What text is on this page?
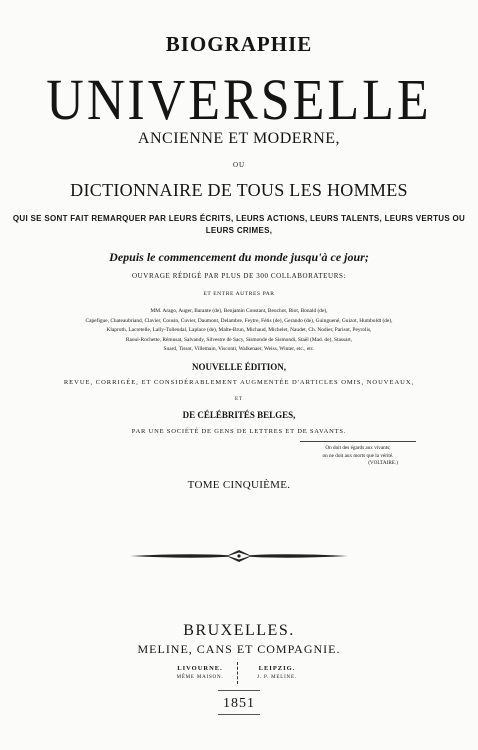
BIOGRAPHIE
UNIVERSELLE
ANCIENNE ET MODERNE,
OU
DICTIONNAIRE DE TOUS LES HOMMES
QUI SE SONT FAIT REMARQUER PAR LEURS ÉCRITS, LEURS ACTIONS, LEURS TALENTS, LEURS VERTUS OU
LEURS CRIMES,
Depuis le commencement du monde jusqu'à ce jour;
OUVRAGE RÉDIGÉ PAR PLUS DE 300 COLLABORATEURS:
ET ENTRE AUTRES PAR
MM. Arago, Auger, Barante (de), Benjamin Constant, Beuchot, Biot, Bonald (de),
Capefigue, Chateaubriand, Clavier, Cousin, Cuvier, Daumont, Delambre, Feytre, Fétis (de), Gerando (de), Guinguené, Guizot, Humboldt (de),
Klaproth, Lacretelle, Lally-Tollendal, Laplace (de), Malte-Brun, Michaud, Michelet, Naudet, Ch. Nodier, Parisot, Peyrolis,
Raoul-Rochette, Rémusat, Salvandy, Silvestre de Sacy, Sismonde de Sismondi, Staël (Mad. de), Stassart,
Suard, Tissot, Villemain, Visconti, Walkenaer, Weiss, Winter, etc., etc.
NOUVELLE ÉDITION,
REVUE, CORRIGÉE, ET CONSIDÉRABLEMENT AUGMENTÉE D'ARTICLES OMIS, NOUVEAUX,
ET
DE CÉLÉBRITÉS BELGES,
PAR UNE SOCIÉTÉ DE GENS DE LETTRES ET DE SAVANTS.
On doit des égards aux vivants;
on ne doit aux morts que la vérité.
(VOLTAIRE.)
TOME CINQUIÈME.
BRUXELLES.
MELINE, CANS ET COMPAGNIE.
LIVOURNE.
MÊME MAISON.
LEIPZIG.
J. P. MELINE.
1851
